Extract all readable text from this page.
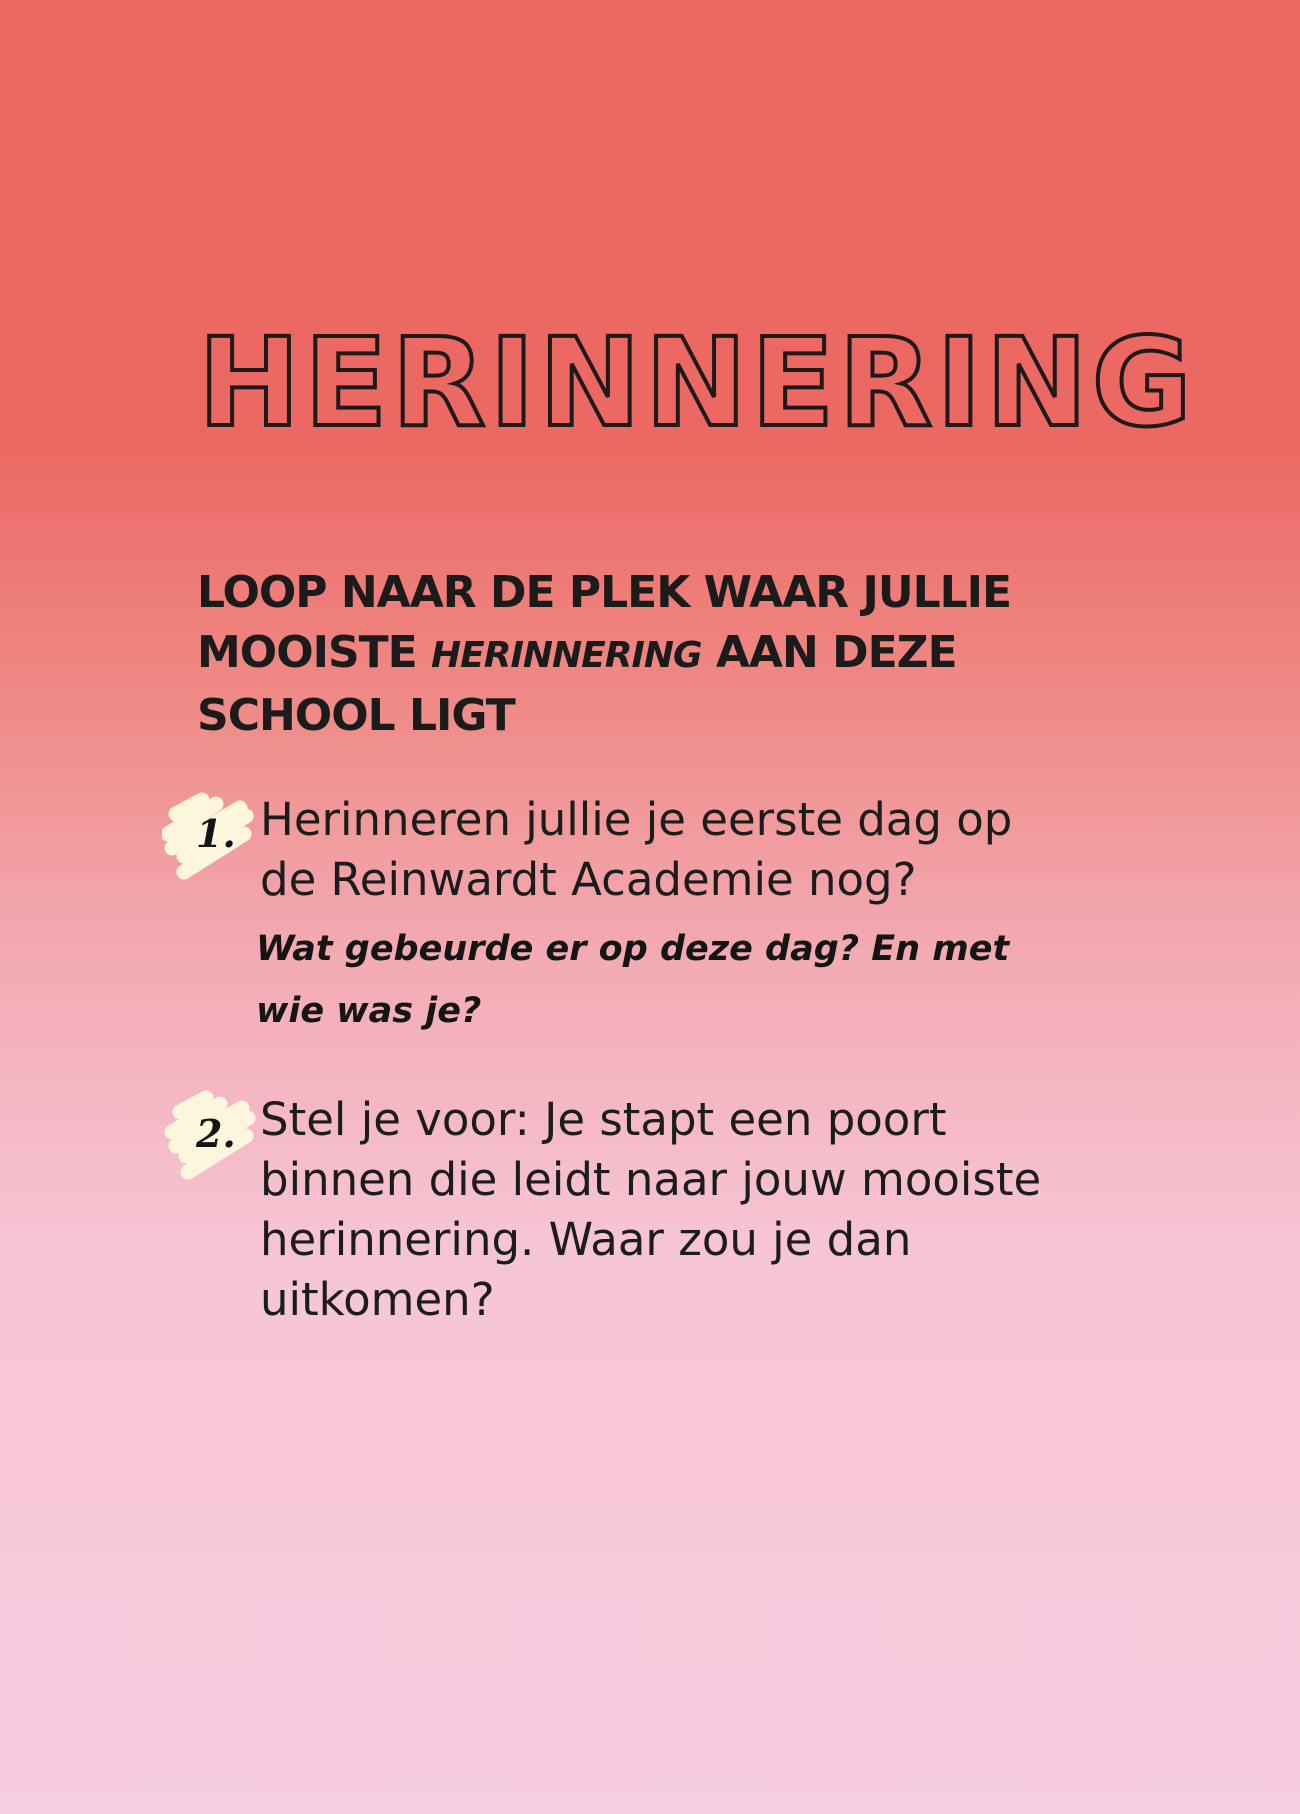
HERINNERING

LOOP NAAR DE PLEK WAAR JULLIE MOOISTE HERINNERING AAN DEZE SCHOOL LIGT

1. Herinneren jullie je eerste dag op de Reinwardt Academie nog?

Wat gebeurde er op deze dag? En met wie was je?

2. Stel je voor: Je stapt een poort binnen die leidt naar jouw mooiste herinnering. Waar zou je dan uitkomen?
